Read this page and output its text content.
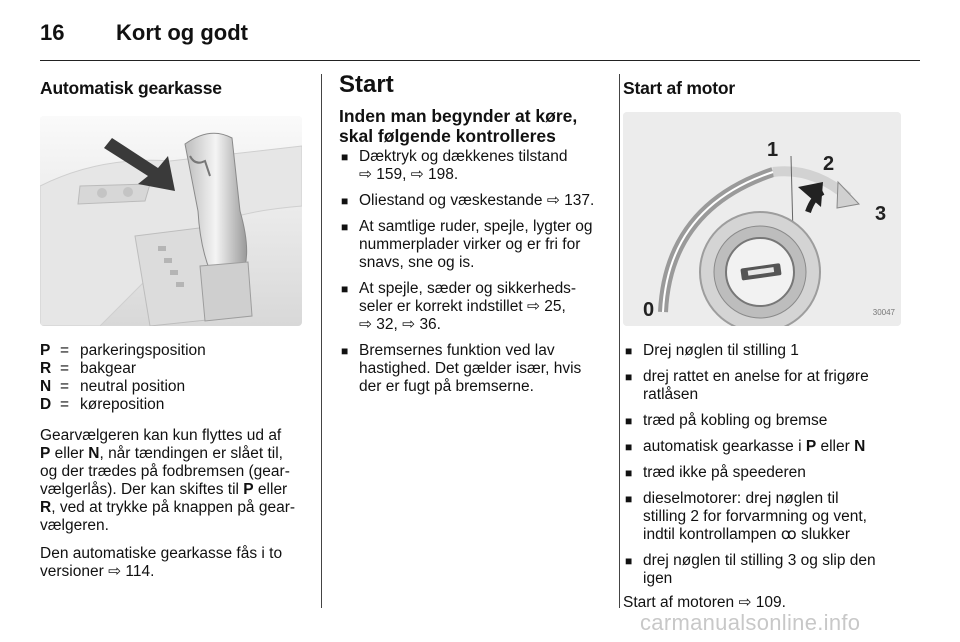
16 Kort og godt
Automatisk gearkasse
P = parkeringsposition
R = bakgear
N = neutral position
D = køreposition

Gearvælgeren kan kun flyttes ud af
P eller N, når tændingen er slået til,
og der trædes på fodbremsen (gear-
vælgerlås). Der kan skiftes til P eller
R, ved at trykke på knappen på gear-
vælgeren.

Den automatiske gearkasse fås i to
versioner ⇨ 114.

Start
Inden man begynder at køre,
skal følgende kontrolleres
■ Dæktryk og dækkenes tilstand
⇨ 159, ⇨ 198.
■ Oliestand og væskestande ⇨ 137.
■ At samtlige ruder, spejle, lygter og
nummerplader virker og er fri for
snavs, sne og is.
■ At spejle, sæder og sikkerheds-
seler er korrekt indstillet ⇨ 25,
⇨ 32, ⇨ 36.
■ Bremsernes funktion ved lav
hastighed. Det gælder især, hvis
der er fugt på bremserne.
Start af motor
0
1
2
3
30047
■ Drej nøglen til stilling 1
■ drej rattet en anelse for at frigøre
ratlåsen
■ træd på kobling og bremse
■ automatisk gearkasse i P eller N
■ træd ikke på speederen
■ dieselmotorer: drej nøglen til
stilling 2 for forvarmning og vent,
indtil kontrollampen ꝏ slukker
■ drej nøglen til stilling 3 og slip den
igen

Start af motoren ⇨ 109.

carmanualsonline.info
